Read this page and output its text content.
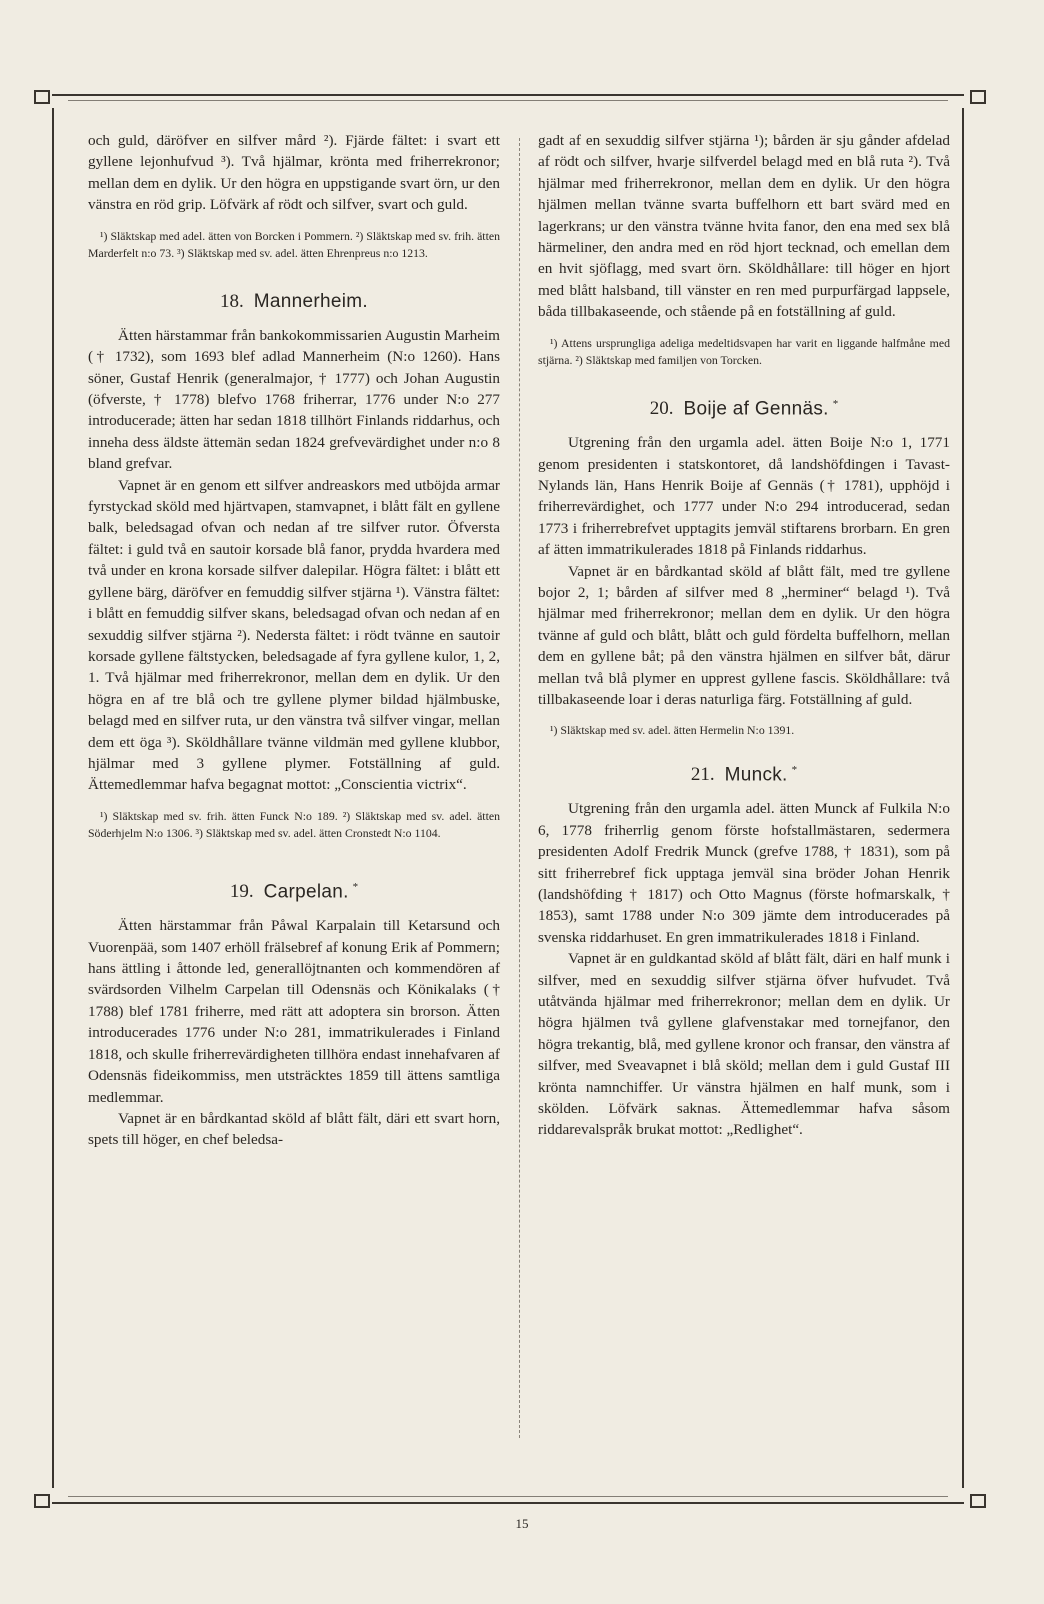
och guld, däröfver en silfver mård ²). Fjärde fältet: i svart ett gyllene lejonhufvud ³). Två hjälmar, krönta med friherrekronor; mellan dem en dylik. Ur den högra en uppstigande svart örn, ur den vänstra en röd grip. Löfvärk af rödt och silfver, svart och guld.

¹) Släktskap med adel. ätten von Borcken i Pommern. ²) Släktskap med sv. frih. ätten Marderfelt n:o 73. ³) Släktskap med sv. adel. ätten Ehrenpreus n:o 1213.

18. Mannerheim.

Ätten härstammar från bankokommissarien Augustin Marheim († 1732), som 1693 blef adlad Mannerheim (N:o 1260). Hans söner, Gustaf Henrik (generalmajor, † 1777) och Johan Augustin (öfverste, † 1778) blefvo 1768 friherrar, 1776 under N:o 277 introducerade; ätten har sedan 1818 tillhört Finlands riddarhus, och inneha dess äldste ättemän sedan 1824 grefvevärdighet under n:o 8 bland grefvar.

Vapnet är en genom ett silfver andreaskors med utböjda armar fyrstyckad sköld med hjärtvapen, stamvapnet, i blått fält en gyllene balk, beledsagad ofvan och nedan af tre silfver rutor. Öfversta fältet: i guld två en sautoir korsade blå fanor, prydda hvardera med två under en krona korsade silfver dalepilar. Högra fältet: i blått ett gyllene bärg, däröfver en femuddig silfver stjärna ¹). Vänstra fältet: i blått en femuddig silfver skans, beledsagad ofvan och nedan af en sexuddig silfver stjärna ²). Nedersta fältet: i rödt tvänne en sautoir korsade gyllene fältstycken, beledsagade af fyra gyllene kulor, 1, 2, 1. Två hjälmar med friherrekronor, mellan dem en dylik. Ur den högra en af tre blå och tre gyllene plymer bildad hjälmbuske, belagd med en silfver ruta, ur den vänstra två silfver vingar, mellan dem ett öga ³). Sköldhållare tvänne vildmän med gyllene klubbor, hjälmar med 3 gyllene plymer. Fotställning af guld. Ättemedlemmar hafva begagnat mottot: „Conscientia victrix“.

¹) Släktskap med sv. frih. ätten Funck N:o 189. ²) Släktskap med sv. adel. ätten Söderhjelm N:o 1306. ³) Släktskap med sv. adel. ätten Cronstedt N:o 1104.

19. Carpelan. *

Ätten härstammar från Påwal Karpalain till Ketarsund och Vuorenpää, som 1407 erhöll frälsebref af konung Erik af Pommern; hans ättling i åttonde led, generallöjtnanten och kommendören af svärdsorden Vilhelm Carpelan till Odensnäs och Könikalaks († 1788) blef 1781 friherre, med rätt att adoptera sin brorson. Ätten introducerades 1776 under N:o 281, immatrikulerades i Finland 1818, och skulle friherrevärdigheten tillhöra endast innehafvaren af Odensnäs fideikommiss, men utsträcktes 1859 till ättens samtliga medlemmar.

Vapnet är en bårdkantad sköld af blått fält, däri ett svart horn, spets till höger, en chef beledsa-

gadt af en sexuddig silfver stjärna ¹); bården är sju gånder afdelad af rödt och silfver, hvarje silfverdel belagd med en blå ruta ²). Två hjälmar med friherrekronor, mellan dem en dylik. Ur den högra hjälmen mellan tvänne svarta buffelhorn ett bart svärd med en lagerkrans; ur den vänstra tvänne hvita fanor, den ena med sex blå härmeliner, den andra med en röd hjort tecknad, och emellan dem en hvit sjöflagg, med svart örn. Sköldhållare: till höger en hjort med blått halsband, till vänster en ren med purpurfärgad lappsele, båda tillbakaseende, och stående på en fotställning af guld.

¹) Attens ursprungliga adeliga medeltidsvapen har varit en liggande halfmåne med stjärna. ²) Släktskap med familjen von Torcken.

20. Boije af Gennäs. *

Utgrening från den urgamla adel. ätten Boije N:o 1, 1771 genom presidenten i statskontoret, då landshöfdingen i Tavast-Nylands län, Hans Henrik Boije af Gennäs († 1781), upphöjd i friherrevärdighet, och 1777 under N:o 294 introducerad, sedan 1773 i friherrebrefvet upptagits jemväl stiftarens brorbarn. En gren af ätten immatrikulerades 1818 på Finlands riddarhus.

Vapnet är en bårdkantad sköld af blått fält, med tre gyllene bojor 2, 1; bården af silfver med 8 „herminer“ belagd ¹). Två hjälmar med friherrekronor; mellan dem en dylik. Ur den högra tvänne af guld och blått, blått och guld fördelta buffelhorn, mellan dem en gyllene båt; på den vänstra hjälmen en silfver båt, därur mellan två blå plymer en upprest gyllene fascis. Sköldhållare: två tillbakaseende loar i deras naturliga färg. Fotställning af guld.

¹) Släktskap med sv. adel. ätten Hermelin N:o 1391.

21. Munck. *

Utgrening från den urgamla adel. ätten Munck af Fulkila N:o 6, 1778 friherrlig genom förste hofstallmästaren, sedermera presidenten Adolf Fredrik Munck (grefve 1788, † 1831), som på sitt friherrebref fick upptaga jemväl sina bröder Johan Henrik (landshöfding † 1817) och Otto Magnus (förste hofmarskalk, † 1853), samt 1788 under N:o 309 jämte dem introducerades på svenska riddarhuset. En gren immatrikulerades 1818 i Finland.

Vapnet är en guldkantad sköld af blått fält, däri en half munk i silfver, med en sexuddig silfver stjärna öfver hufvudet. Två utåtvända hjälmar med friherrekronor; mellan dem en dylik. Ur högra hjälmen två gyllene glafvenstakar med tornejfanor, den högra trekantig, blå, med gyllene kronor och fransar, den vänstra af silfver, med Sveavapnet i blå sköld; mellan dem i guld Gustaf III krönta namnchiffer. Ur vänstra hjälmen en half munk, som i skölden. Löfvärk saknas. Ättemedlemmar hafva såsom riddarevalspråk brukat mottot: „Redlighet“.

15
